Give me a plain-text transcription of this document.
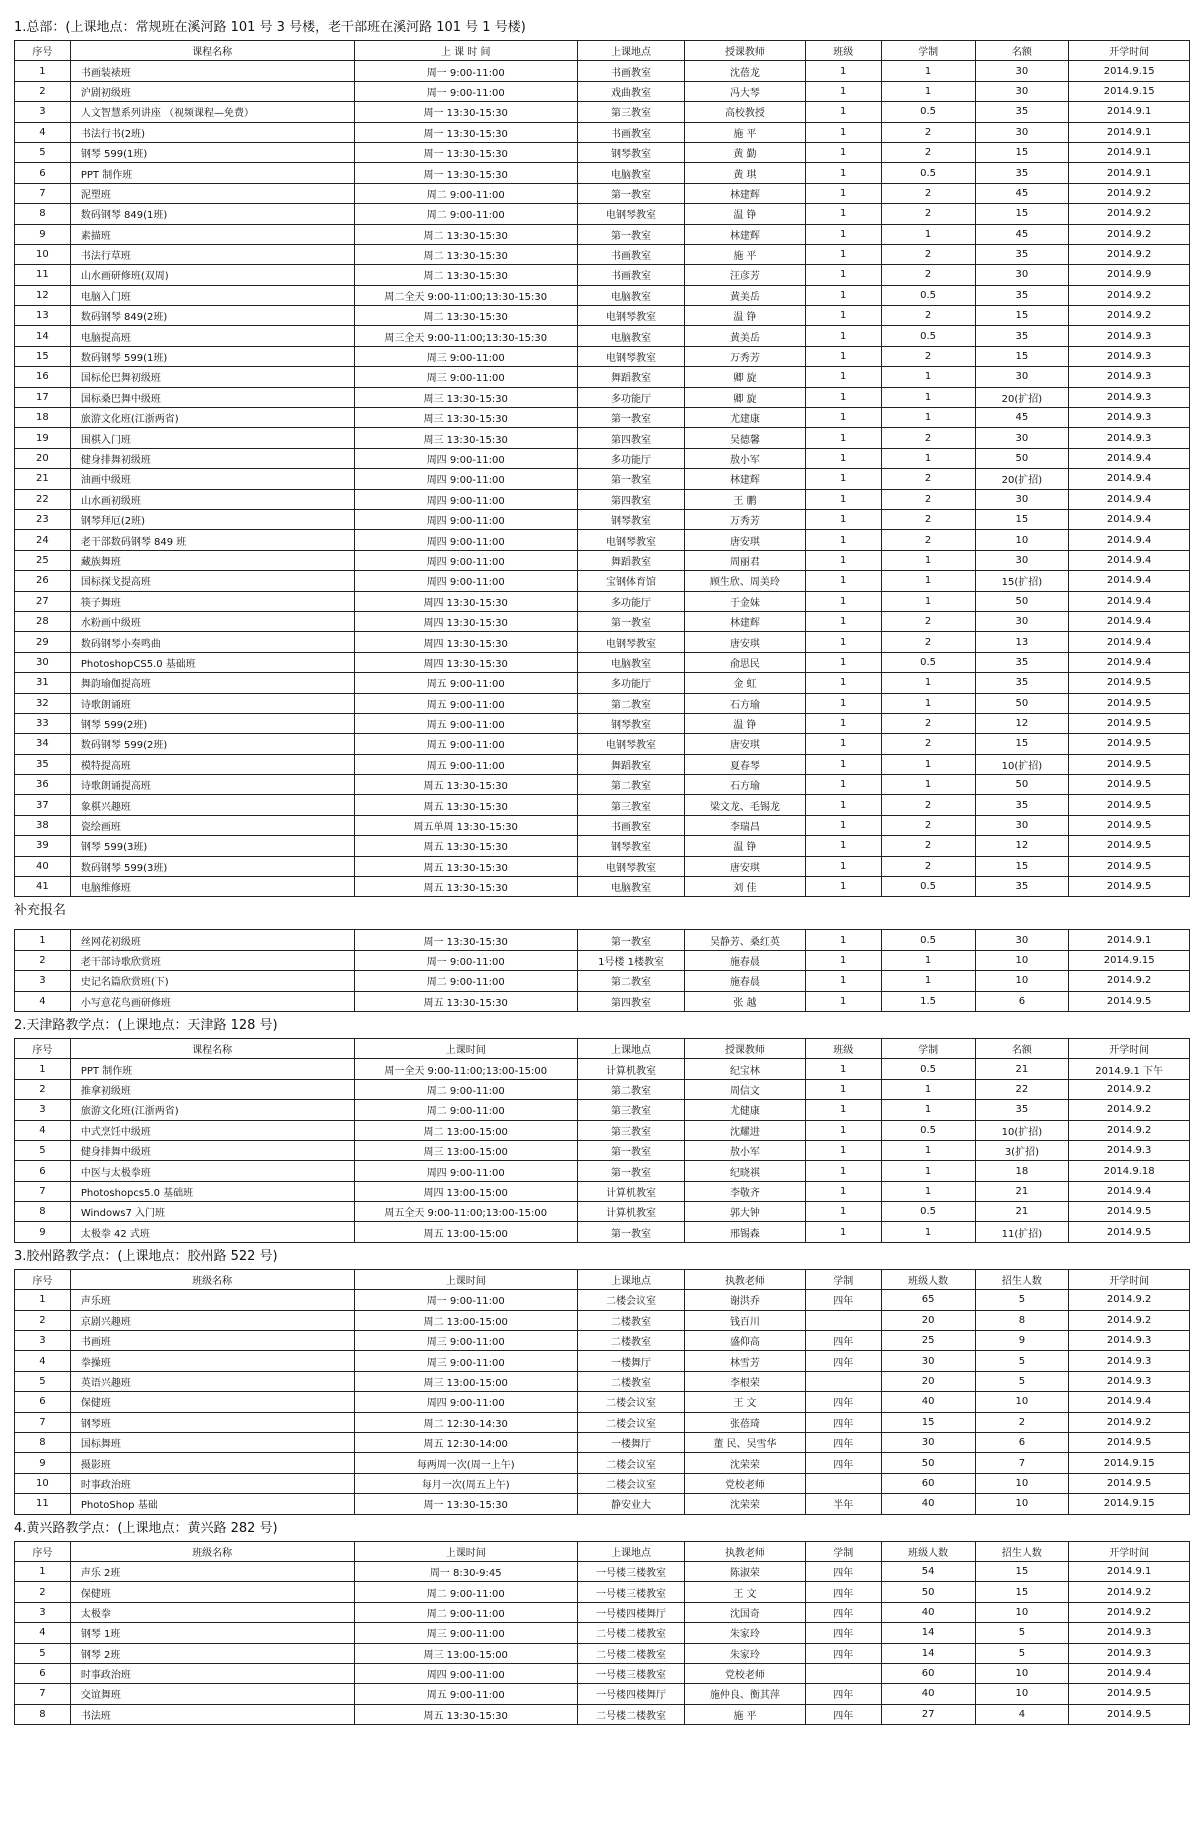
1.总部：(上课地点：常规班在溪河路 101 号 3 号楼，老干部班在溪河路 101 号 1 号楼)
序号	课程名称	上 课 时 间	上课地点	授课教师	班级	学制	名额	开学时间
1	书画装裱班	周一 9:00-11:00	书画教室	沈蓓龙	1	1	30	2014.9.15
2	沪剧初级班	周一 9:00-11:00	戏曲教室	冯大琴	1	1	30	2014.9.15
3	人文智慧系列讲座 （视频课程—免费）	周一 13:30-15:30	第三教室	高校教授	1	0.5	35	2014.9.1
4	书法行书(2班)	周一 13:30-15:30	书画教室	施 平	1	2	30	2014.9.1
5	钢琴 599(1班)	周一 13:30-15:30	钢琴教室	黄 勤	1	2	15	2014.9.1
6	PPT 制作班	周一 13:30-15:30	电脑教室	黄 琪	1	0.5	35	2014.9.1
7	泥塑班	周二 9:00-11:00	第一教室	林建辉	1	2	45	2014.9.2
8	数码钢琴 849(1班)	周二 9:00-11:00	电钢琴教室	温 铮	1	2	15	2014.9.2
9	素描班	周二 13:30-15:30	第一教室	林建辉	1	1	45	2014.9.2
10	书法行草班	周二 13:30-15:30	书画教室	施 平	1	2	35	2014.9.2
11	山水画研修班(双周)	周二 13:30-15:30	书画教室	汪彦芳	1	2	30	2014.9.9
12	电脑入门班	周二全天 9:00-11:00;13:30-15:30	电脑教室	黄美岳	1	0.5	35	2014.9.2
13	数码钢琴 849(2班)	周二 13:30-15:30	电钢琴教室	温 铮	1	2	15	2014.9.2
14	电脑提高班	周三全天 9:00-11:00;13:30-15:30	电脑教室	黄美岳	1	0.5	35	2014.9.3
15	数码钢琴 599(1班)	周三 9:00-11:00	电钢琴教室	万秀芳	1	2	15	2014.9.3
16	国标伦巴舞初级班	周三 9:00-11:00	舞蹈教室	卿 旋	1	1	30	2014.9.3
17	国标桑巴舞中级班	周三 13:30-15:30	多功能厅	卿 旋	1	1	20(扩招)	2014.9.3
18	旅游文化班(江浙两省)	周三 13:30-15:30	第一教室	尤建康	1	1	45	2014.9.3
19	围棋入门班	周三 13:30-15:30	第四教室	吴德馨	1	2	30	2014.9.3
20	健身排舞初级班	周四 9:00-11:00	多功能厅	敖小军	1	1	50	2014.9.4
21	油画中级班	周四 9:00-11:00	第一教室	林建辉	1	2	20(扩招)	2014.9.4
22	山水画初级班	周四 9:00-11:00	第四教室	王 鹏	1	2	30	2014.9.4
23	钢琴拜厄(2班)	周四 9:00-11:00	钢琴教室	万秀芳	1	2	15	2014.9.4
24	老干部数码钢琴 849 班	周四 9:00-11:00	电钢琴教室	唐安琪	1	2	10	2014.9.4
25	藏族舞班	周四 9:00-11:00	舞蹈教室	周丽君	1	1	30	2014.9.4
26	国标探戈提高班	周四 9:00-11:00	宝钢体育馆	顾生欣、周美玲	1	1	15(扩招)	2014.9.4
27	筷子舞班	周四 13:30-15:30	多功能厅	于金妹	1	1	50	2014.9.4
28	水粉画中级班	周四 13:30-15:30	第一教室	林建辉	1	2	30	2014.9.4
29	数码钢琴小奏鸣曲	周四 13:30-15:30	电钢琴教室	唐安琪	1	2	13	2014.9.4
30	PhotoshopCS5.0 基础班	周四 13:30-15:30	电脑教室	俞思民	1	0.5	35	2014.9.4
31	舞韵瑜伽提高班	周五 9:00-11:00	多功能厅	金 虹	1	1	35	2014.9.5
32	诗歌朗诵班	周五 9:00-11:00	第二教室	石方瑜	1	1	50	2014.9.5
33	钢琴 599(2班)	周五 9:00-11:00	钢琴教室	温 铮	1	2	12	2014.9.5
34	数码钢琴 599(2班)	周五 9:00-11:00	电钢琴教室	唐安琪	1	2	15	2014.9.5
35	模特提高班	周五 9:00-11:00	舞蹈教室	夏春琴	1	1	10(扩招)	2014.9.5
36	诗歌朗诵提高班	周五 13:30-15:30	第二教室	石方瑜	1	1	50	2014.9.5
37	象棋兴趣班	周五 13:30-15:30	第三教室	梁文龙、毛锡龙	1	2	35	2014.9.5
38	瓷绘画班	周五单周 13:30-15:30	书画教室	李瑞昌	1	2	30	2014.9.5
39	钢琴 599(3班)	周五 13:30-15:30	钢琴教室	温 铮	1	2	12	2014.9.5
40	数码钢琴 599(3班)	周五 13:30-15:30	电钢琴教室	唐安琪	1	2	15	2014.9.5
41	电脑维修班	周五 13:30-15:30	电脑教室	刘 佳	1	0.5	35	2014.9.5
补充报名
1	丝网花初级班	周一 13:30-15:30	第一教室	吴静芳、桑红英	1	0.5	30	2014.9.1
2	老干部诗歌欣赏班	周一 9:00-11:00	1号楼 1楼教室	施春晨	1	1	10	2014.9.15
3	史记名篇欣赏班(下)	周二 9:00-11:00	第二教室	施春晨	1	1	10	2014.9.2
4	小写意花鸟画研修班	周五 13:30-15:30	第四教室	张 越	1	1.5	6	2014.9.5
2.天津路教学点：(上课地点：天津路 128 号)
序号	课程名称	上课时间	上课地点	授课教师	班级	学制	名额	开学时间
1	PPT 制作班	周一全天 9:00-11:00;13:00-15:00	计算机教室	纪宝林	1	0.5	21	2014.9.1 下午
2	推拿初级班	周二 9:00-11:00	第二教室	周信文	1	1	22	2014.9.2
3	旅游文化班(江浙两省)	周二 9:00-11:00	第三教室	尤健康	1	1	35	2014.9.2
4	中式烹饪中级班	周二 13:00-15:00	第三教室	沈耀进	1	0.5	10(扩招)	2014.9.2
5	健身排舞中级班	周三 13:00-15:00	第一教室	敖小军	1	1	3(扩招)	2014.9.3
6	中医与太极拳班	周四 9:00-11:00	第一教室	纪晓祺	1	1	18	2014.9.18
7	Photoshopcs5.0 基础班	周四 13:00-15:00	计算机教室	李敬齐	1	1	21	2014.9.4
8	Windows7 入门班	周五全天 9:00-11:00;13:00-15:00	计算机教室	郭大钟	1	0.5	21	2014.9.5
9	太极拳 42 式班	周五 13:00-15:00	第一教室	邢锡森	1	1	11(扩招)	2014.9.5
3.胶州路教学点：(上课地点：胶州路 522 号)
序号	班级名称	上课时间	上课地点	执教老师	学制	班级人数	招生人数	开学时间
1	声乐班	周一 9:00-11:00	二楼会议室	谢洪乔	四年	65	5	2014.9.2
2	京剧兴趣班	周二 13:00-15:00	二楼教室	钱百川		20	8	2014.9.2
3	书画班	周三 9:00-11:00	二楼教室	盛仰高	四年	25	9	2014.9.3
4	拳操班	周三 9:00-11:00	一楼舞厅	林雪芳	四年	30	5	2014.9.3
5	英语兴趣班	周三 13:00-15:00	二楼教室	李根荣		20	5	2014.9.3
6	保健班	周四 9:00-11:00	二楼会议室	王 文	四年	40	10	2014.9.4
7	钢琴班	周二 12:30-14:30	二楼会议室	张蓓琦	四年	15	2	2014.9.2
8	国标舞班	周五 12:30-14:00	一楼舞厅	董 民、吴雪华	四年	30	6	2014.9.5
9	摄影班	每两周一次(周一上午)	二楼会议室	沈荣荣	四年	50	7	2014.9.15
10	时事政治班	每月一次(周五上午)	二楼会议室	党校老师		60	10	2014.9.5
11	PhotoShop 基础	周一 13:30-15:30	静安业大	沈荣荣	半年	40	10	2014.9.15
4.黄兴路教学点：(上课地点：黄兴路 282 号)
序号	班级名称	上课时间	上课地点	执教老师	学制	班级人数	招生人数	开学时间
1	声乐 2班	周一 8:30-9:45	一号楼三楼教室	陈淑荣	四年	54	15	2014.9.1
2	保健班	周二 9:00-11:00	一号楼三楼教室	王 文	四年	50	15	2014.9.2
3	太极拳	周二 9:00-11:00	一号楼四楼舞厅	沈国奇	四年	40	10	2014.9.2
4	钢琴 1班	周三 9:00-11:00	二号楼二楼教室	朱家玲	四年	14	5	2014.9.3
5	钢琴 2班	周三 13:00-15:00	二号楼二楼教室	朱家玲	四年	14	5	2014.9.3
6	时事政治班	周四 9:00-11:00	一号楼三楼教室	党校老师		60	10	2014.9.4
7	交谊舞班	周五 9:00-11:00	一号楼四楼舞厅	施仲良、衡其萍	四年	40	10	2014.9.5
8	书法班	周五 13:30-15:30	二号楼二楼教室	施 平	四年	27	4	2014.9.5
